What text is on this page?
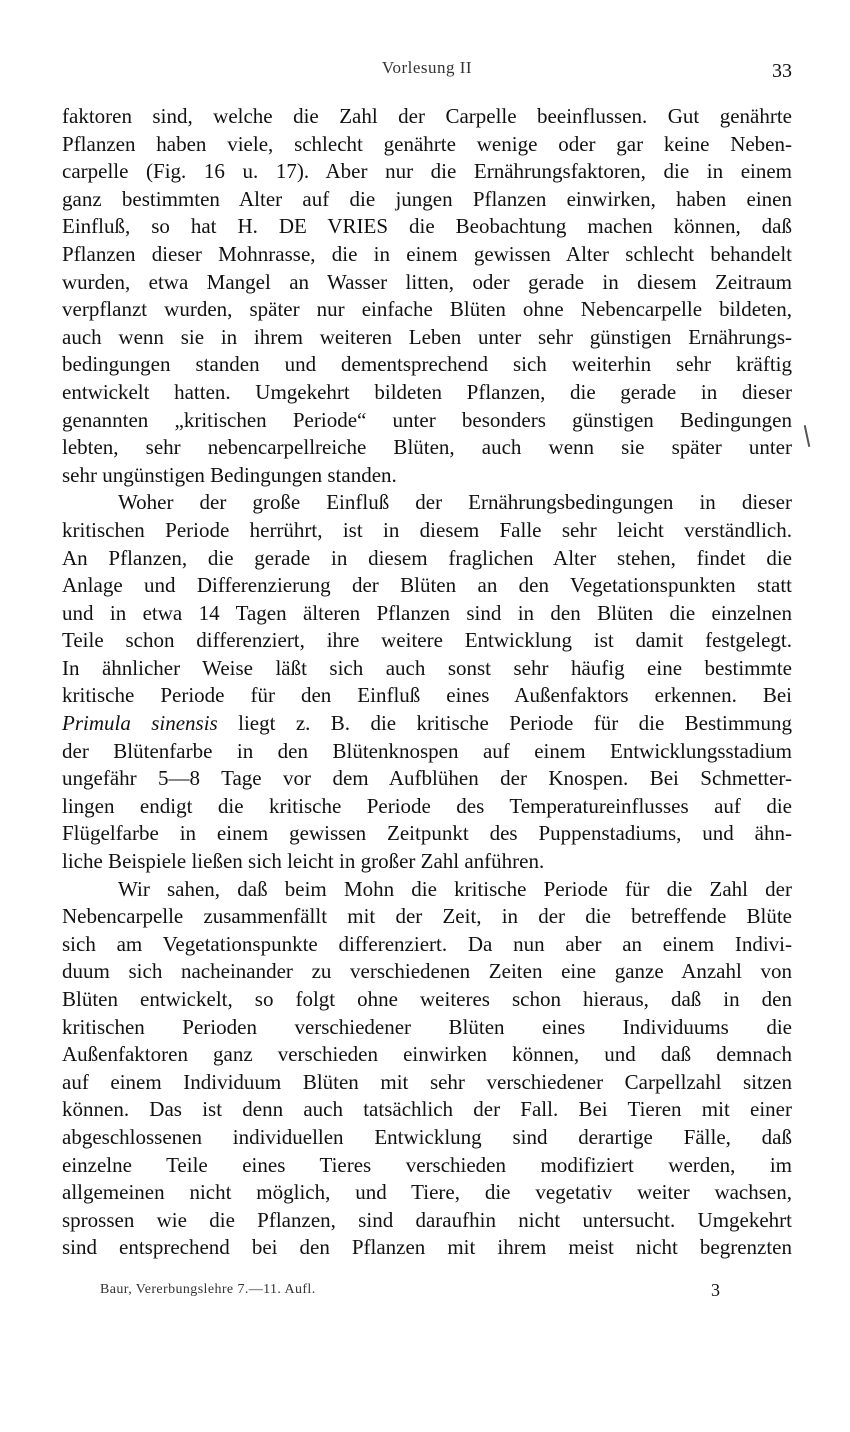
Vorlesung II	33
faktoren sind, welche die Zahl der Carpelle beeinflussen. Gut genährte
Pflanzen haben viele, schlecht genährte wenige oder gar keine Neben-
carpelle (Fig. 16 u. 17). Aber nur die Ernährungsfaktoren, die in einem
ganz bestimmten Alter auf die jungen Pflanzen einwirken, haben einen
Einfluß, so hat H. DE VRIES die Beobachtung machen können, daß
Pflanzen dieser Mohnrasse, die in einem gewissen Alter schlecht behandelt
wurden, etwa Mangel an Wasser litten, oder gerade in diesem Zeitraum
verpflanzt wurden, später nur einfache Blüten ohne Nebencarpelle bildeten,
auch wenn sie in ihrem weiteren Leben unter sehr günstigen Ernährungs-
bedingungen standen und dementsprechend sich weiterhin sehr kräftig
entwickelt hatten. Umgekehrt bildeten Pflanzen, die gerade in dieser
genannten „kritischen Periode“ unter besonders günstigen Bedingungen
lebten, sehr nebencarpellreiche Blüten, auch wenn sie später unter
sehr ungünstigen Bedingungen standen.
Woher der große Einfluß der Ernährungsbedingungen in dieser
kritischen Periode herrührt, ist in diesem Falle sehr leicht verständlich.
An Pflanzen, die gerade in diesem fraglichen Alter stehen, findet die
Anlage und Differenzierung der Blüten an den Vegetationspunkten statt
und in etwa 14 Tagen älteren Pflanzen sind in den Blüten die einzelnen
Teile schon differenziert, ihre weitere Entwicklung ist damit festgelegt.
In ähnlicher Weise läßt sich auch sonst sehr häufig eine bestimmte
kritische Periode für den Einfluß eines Außenfaktors erkennen. Bei
Primula sinensis liegt z. B. die kritische Periode für die Bestimmung
der Blütenfarbe in den Blütenknospen auf einem Entwicklungsstadium
ungefähr 5—8 Tage vor dem Aufblühen der Knospen. Bei Schmetter-
lingen endigt die kritische Periode des Temperatureinflusses auf die
Flügelfarbe in einem gewissen Zeitpunkt des Puppenstadiums, und ähn-
liche Beispiele ließen sich leicht in großer Zahl anführen.
Wir sahen, daß beim Mohn die kritische Periode für die Zahl der
Nebencarpelle zusammenfällt mit der Zeit, in der die betreffende Blüte
sich am Vegetationspunkte differenziert. Da nun aber an einem Indivi-
duum sich nacheinander zu verschiedenen Zeiten eine ganze Anzahl von
Blüten entwickelt, so folgt ohne weiteres schon hieraus, daß in den
kritischen Perioden verschiedener Blüten eines Individuums die
Außenfaktoren ganz verschieden einwirken können, und daß demnach
auf einem Individuum Blüten mit sehr verschiedener Carpellzahl sitzen
können. Das ist denn auch tatsächlich der Fall. Bei Tieren mit einer
abgeschlossenen individuellen Entwicklung sind derartige Fälle, daß
einzelne Teile eines Tieres verschieden modifiziert werden, im
allgemeinen nicht möglich, und Tiere, die vegetativ weiter wachsen,
sprossen wie die Pflanzen, sind daraufhin nicht untersucht. Umgekehrt
sind entsprechend bei den Pflanzen mit ihrem meist nicht begrenzten
Baur, Vererbungslehre 7.—11. Aufl.	3
